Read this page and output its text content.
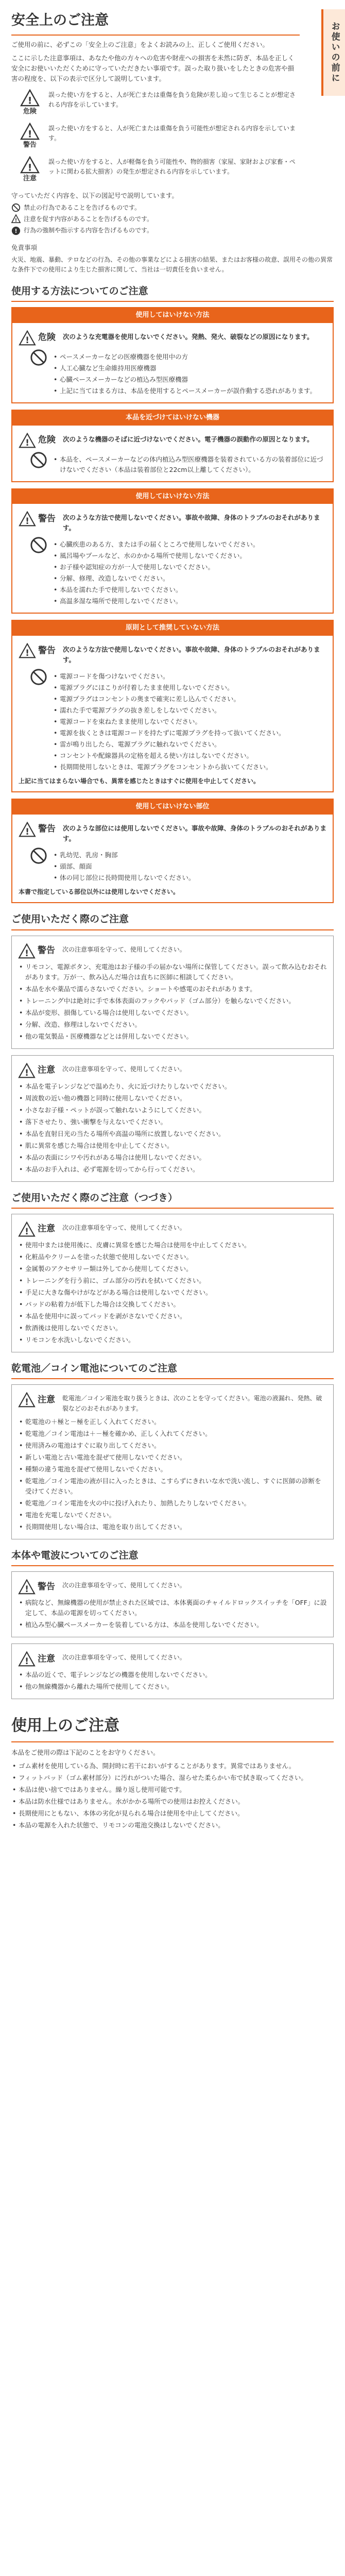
お使いの前に
安全上のご注意

ご使用の前に、必ずこの「安全上のご注意」をよくお読みの上、正しくご使用ください。

ここに示した注意事項は、あなたや他の方々への危害や財産への損害を未然に防ぎ、本品を正しく安全にお使いいただくために守っていただきたい事項です。誤った取り扱いをしたときの危害や損害の程度を、以下の表示で区分して説明しています。

!
危険
誤った使い方をすると、人が死亡または重傷を負う危険が差し迫って生じることが想定される内容を示しています。
!
警告
誤った使い方をすると、人が死亡または重傷を負う可能性が想定される内容を示しています。
!
注意
誤った使い方をすると、人が軽傷を負う可能性や、物的損害（家屋、家財および家畜・ペットに関わる拡大損害）の発生が想定される内容を示しています。
守っていただく内容を、以下の図記号で説明しています。
禁止の行為であることを告げるものです。
! 注意を促す内容があることを告げるものです。
! 行為の強制や指示する内容を告げるものです。
免責事項
火災、地震、暴動、テロなどの行為、その他の事業などによる損害の結果、またはお客様の故意、誤用その他の異常な条件下での使用により生じた損害に関して、当社は一切責任を負いません。
使用する方法についてのご注意
使用してはいけない方法
! 危険 次のような充電器を使用しないでください。発熱、発火、破裂などの原因になります。
• ペースメーカーなどの医療機器を使用中の方
• 人工心臓など生命維持用医療機器
• 心臓ペースメーカーなどの植込み型医療機器
• 上記に当てはまる方は、本品を使用するとペースメーカーが誤作動する恐れがあります。
本品を近づけてはいけない機器
! 危険 次のような機器のそばに近づけないでください。電子機器の誤動作の原因となります。
• 本品を、ペースメーカーなどの体内植込み型医療機器を装着されている方の装着部位に近づけないでください（本品は装着部位と22cm以上離してください）。
使用してはいけない方法
! 警告 次のような方法で使用しないでください。事故や故障、身体のトラブルのおそれがあります。
• 心臓疾患のある方、または手の届くところで使用しないでください。
• 風呂場やプールなど、水のかかる場所で使用しないでください。
• お子様や認知症の方が一人で使用しないでください。
• 分解、修理、改造しないでください。
• 本品を濡れた手で使用しないでください。
• 高温多湿な場所で使用しないでください。
原則として推奨していない方法
! 警告 次のような方法で使用しないでください。事故や故障、身体のトラブルのおそれがあります。
• 電源コードを傷つけないでください。
• 電源プラグにほこりが付着したまま使用しないでください。
• 電源プラグはコンセントの奥まで確実に差し込んでください。
• 濡れた手で電源プラグの抜き差しをしないでください。
• 電源コードを束ねたまま使用しないでください。
• 電源を抜くときは電源コードを持たずに電源プラグを持って抜いてください。
• 雷が鳴り出したら、電源プラグに触れないでください。
• コンセントや配線器具の定格を超える使い方はしないでください。
• 長期間使用しないときは、電源プラグをコンセントから抜いてください。
上記に当てはまらない場合でも、異常を感じたときはすぐに使用を中止してください。
使用してはいけない部位
! 警告 次のような部位には使用しないでください。事故や故障、身体のトラブルのおそれがあります。
• 乳幼児、乳房・胸部
• 頭部、顔面
• 体の同じ部位に長時間使用しないでください。
本書で指定している部位以外には使用しないでください。
ご使用いただく際のご注意
! 警告 次の注意事項を守って、使用してください。
• リモコン、電源ボタン、充電池はお子様の手の届かない場所に保管してください。誤って飲み込むおそれがあります。万が一、飲み込んだ場合は直ちに医師に相談してください。
• 本品を水や薬品で濡らさないでください。ショートや感電のおそれがあります。
• トレーニング中は絶対に手で本体表面のフックやパッド（ゴム部分）を触らないでください。
• 本品が変形、損傷している場合は使用しないでください。
• 分解、改造、修理はしないでください。
• 他の電気製品・医療機器などとは併用しないでください。
! 注意 次の注意事項を守って、使用してください。
• 本品を電子レンジなどで温めたり、火に近づけたりしないでください。
• 周波数の近い他の機器と同時に使用しないでください。
• 小さなお子様・ペットが誤って触れないようにしてください。
• 落下させたり、強い衝撃を与えないでください。
• 本品を直射日光の当たる場所や高温の場所に放置しないでください。
• 肌に異常を感じた場合は使用を中止してください。
• 本品の表面にシワや汚れがある場合は使用しないでください。
• 本品のお手入れは、必ず電源を切ってから行ってください。
ご使用いただく際のご注意（つづき）
! 注意 次の注意事項を守って、使用してください。
• 使用中または使用後に、皮膚に異常を感じた場合は使用を中止してください。
• 化粧品やクリームを塗った状態で使用しないでください。
• 金属製のアクセサリー類は外してから使用してください。
• トレーニングを行う前に、ゴム部分の汚れを拭いてください。
• 手足に大きな傷やけがなどがある場合は使用しないでください。
• パッドの粘着力が低下した場合は交換してください。
• 本品を使用中に誤ってパッドを剥がさないでください。
• 飲酒後は使用しないでください。
• リモコンを水洗いしないでください。
乾電池／コイン電池についてのご注意
! 注意 乾電池／コイン電池を取り扱うときは、次のことを守ってください。電池の液漏れ、発熱、破裂などのおそれがあります。
• 乾電池の＋極と－極を正しく入れてください。
• 乾電池／コイン電池は＋－極を確かめ、正しく入れてください。
• 使用済みの電池はすぐに取り出してください。
• 新しい電池と古い電池を混ぜて使用しないでください。
• 種類の違う電池を混ぜて使用しないでください。
• 乾電池／コイン電池の液が目に入ったときは、こすらずにきれいな水で洗い流し、すぐに医師の診断を受けてください。
• 乾電池／コイン電池を火の中に投げ入れたり、加熱したりしないでください。
• 電池を充電しないでください。
• 長期間使用しない場合は、電池を取り出してください。
本体や電波についてのご注意
! 警告 次の注意事項を守って、使用してください。
• 病院など、無線機器の使用が禁止された区域では、本体裏面のチャイルドロックスイッチを「OFF」に設定して、本品の電源を切ってください。
• 植込み型心臓ペースメーカーを装着している方は、本品を使用しないでください。
! 注意 次の注意事項を守って、使用してください。
• 本品の近くで、電子レンジなどの機器を使用しないでください。
• 他の無線機器から離れた場所で使用してください。
使用上のご注意
本品をご使用の際は下記のことをお守りください。
• ゴム素材を使用している為、開封時に若干においがすることがあります。異常ではありません。
• フィットパッド（ゴム素材部分）に汚れがついた場合、湿らせた柔らかい布で拭き取ってください。
• 本品は使い捨てではありません。繰り返し使用可能です。
• 本品は防水仕様ではありません。水がかかる場所での使用はお控えください。
• 長期使用にともない、本体の劣化が見られる場合は使用を中止してください。
• 本品の電源を入れた状態で、リモコンの電池交換はしないでください。
